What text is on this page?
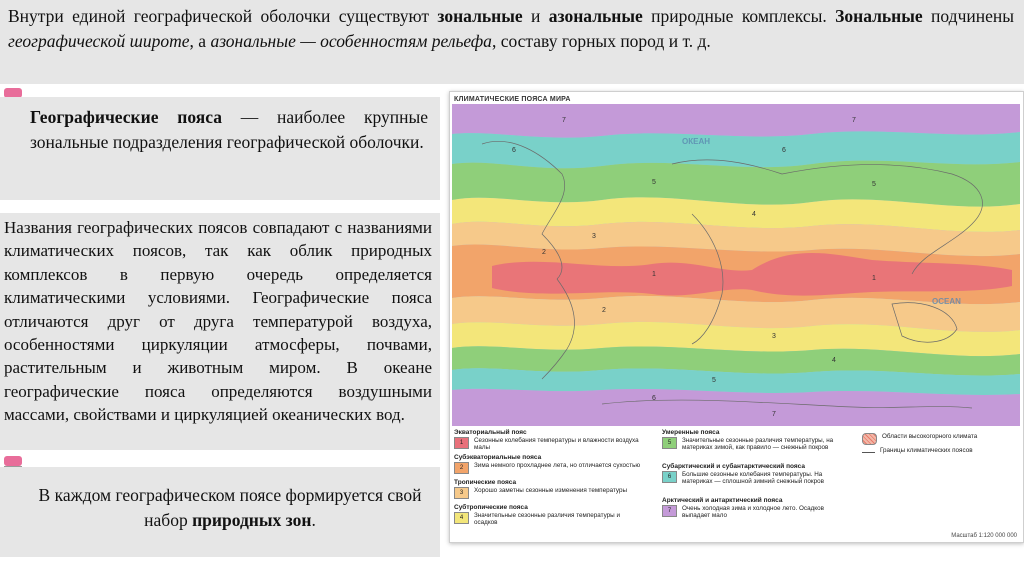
Внутри единой географической оболочки существуют зональные и азональные природные комплексы. Зональные подчинены географической широте, а азональные — особенностям рельефа, составу горных пород и т. д.
Географические пояса — наиболее крупные зональные подразделения географической оболочки.
Названия географических поясов совпадают с названиями климатических поясов, так как облик природных комплексов в первую очередь определяется климатическими условиями. Географические пояса отличаются друг от друга температурой воздуха, особенностями циркуляции атмосферы, почвами, растительным и животным миром. В океане географические пояса определяются воздушными массами, свойствами и циркуляцией океанических вод.
В каждом географическом поясе формируется свой набор природных зон.
КЛИМАТИЧЕСКИЕ ПОЯСА МИРА
ОКЕАН
OCEAN
7	7
6	6
5	5
4
3
2
1
1
2
3
4
5
6
7
Экваториальный пояс
1	Сезонные колебания температуры и влажности воздуха малы
Субэкваториальные пояса
2	Зима немного прохладнее лета, но отличается сухостью
Тропические пояса
3	Хорошо заметны сезонные изменения температуры
Субтропические пояса
4	Значительные сезонные различия температуры и осадков
Умеренные пояса
5	Значительные сезонные различия температуры, на материках зимой, как правило — снежный покров
Субарктический и субантарктический пояса
6	Большие сезонные колебания температуры. На материках — сплошной зимний снежный покров
Арктический и антарктический пояса
7	Очень холодная зима и холодное лето. Осадков выпадает мало
Области высокогорного климата
Границы климатических поясов
Масштаб 1:120 000 000
